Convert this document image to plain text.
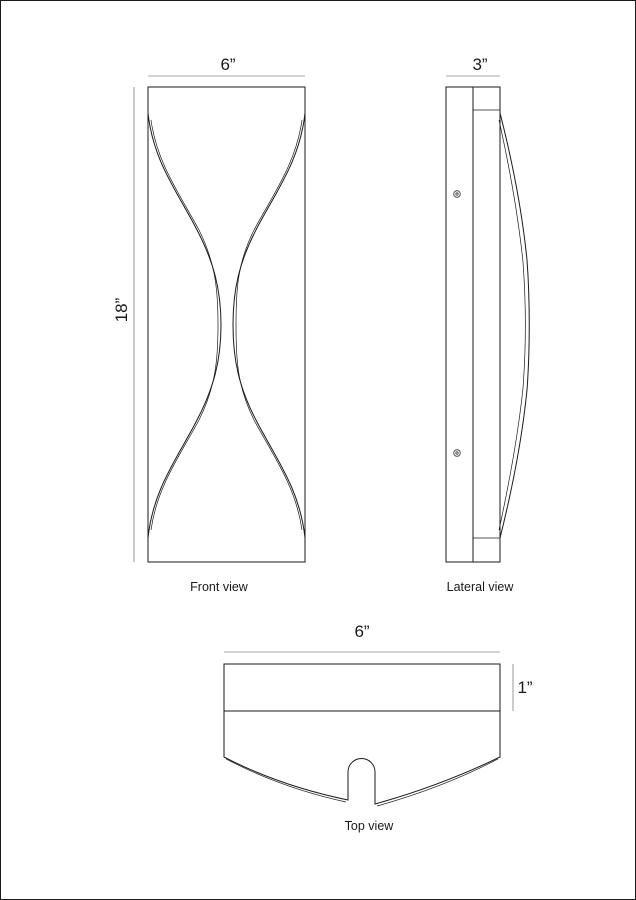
6”
18”
Front view
3”
Lateral view
6”
1”
Top view
